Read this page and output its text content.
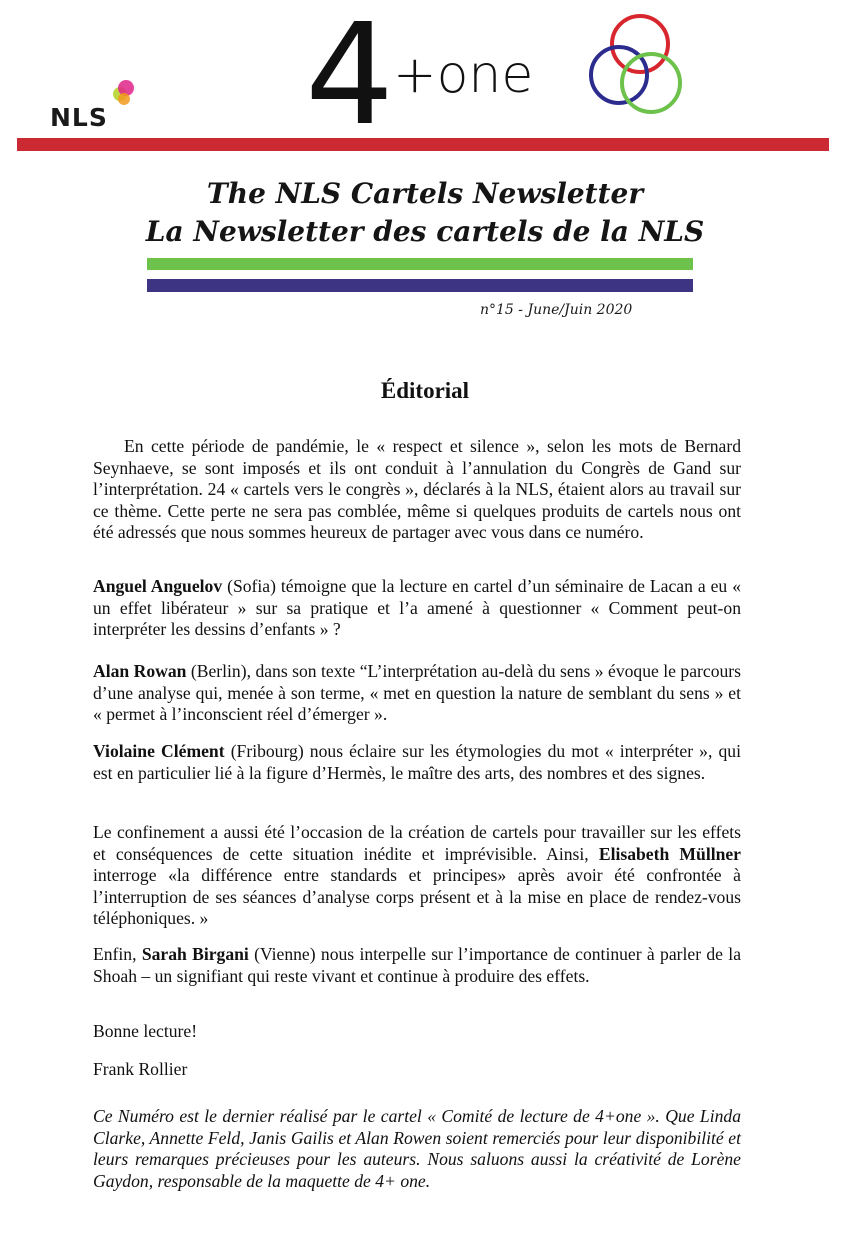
NLS 4
+one
The NLS Cartels Newsletter
La Newsletter des cartels de la NLS
n°15 - June/Juin 2020
Éditorial

En cette période de pandémie, le « respect et silence », selon les mots de Bernard Seynhaeve, se sont imposés et ils ont conduit à l’annulation du Congrès de Gand sur l’interprétation. 24 « cartels vers le congrès », déclarés à la NLS, étaient alors au travail sur ce thème. Cette perte ne sera pas comblée, même si quelques produits de cartels nous ont été adressés que nous sommes heureux de partager avec vous dans ce numéro.

Anguel Anguelov (Sofia) témoigne que la lecture en cartel d’un séminaire de Lacan a eu « un effet libérateur » sur sa pratique et l’a amené à questionner « Comment peut-on interpréter les dessins d’enfants » ?

Alan Rowan (Berlin), dans son texte “L’interprétation au-delà du sens » évoque le parcours d’une analyse qui, menée à son terme, « met en question la nature de semblant du sens » et « permet à l’inconscient réel d’émerger ».

Violaine Clément (Fribourg) nous éclaire sur les étymologies du mot « interpréter », qui est en particulier lié à la figure d’Hermès, le maître des arts, des nombres et des signes.

Le confinement a aussi été l’occasion de la création de cartels pour travailler sur les effets et conséquences de cette situation inédite et imprévisible. Ainsi, Elisabeth Müllner interroge «la différence entre standards et principes» après avoir été confrontée à l’interruption de ses séances d’analyse corps présent et à la mise en place de rendez-vous téléphoniques. »

Enfin, Sarah Birgani (Vienne) nous interpelle sur l’importance de continuer à parler de la Shoah – un signifiant qui reste vivant et continue à produire des effets.

Bonne lecture!

Frank Rollier

Ce Numéro est le dernier réalisé par le cartel « Comité de lecture de 4+one ». Que Linda Clarke, Annette Feld, Janis Gailis et Alan Rowen soient remerciés pour leur disponibilité et leurs remarques précieuses pour les auteurs. Nous saluons aussi la créativité de Lorène Gaydon, responsable de la maquette de 4+ one.
